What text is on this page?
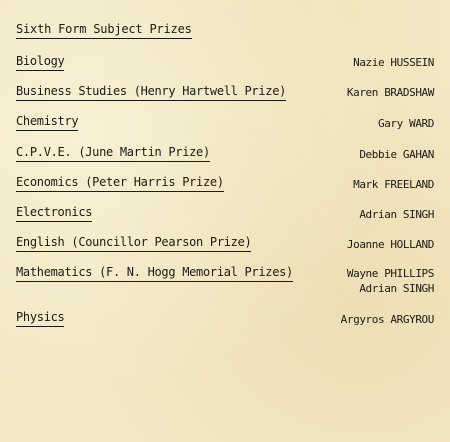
Sixth Form Subject Prizes
Biology	Nazie HUSSEIN
Business Studies (Henry Hartwell Prize)	Karen BRADSHAW
Chemistry	Gary WARD
C.P.V.E. (June Martin Prize)	Debbie GAHAN
Economics (Peter Harris Prize)	Mark FREELAND
Electronics	Adrian SINGH
English (Councillor Pearson Prize)	Joanne HOLLAND
Mathematics (F. N. Hogg Memorial Prizes)	Wayne PHILLIPS
Adrian SINGH
Physics	Argyros ARGYROU
